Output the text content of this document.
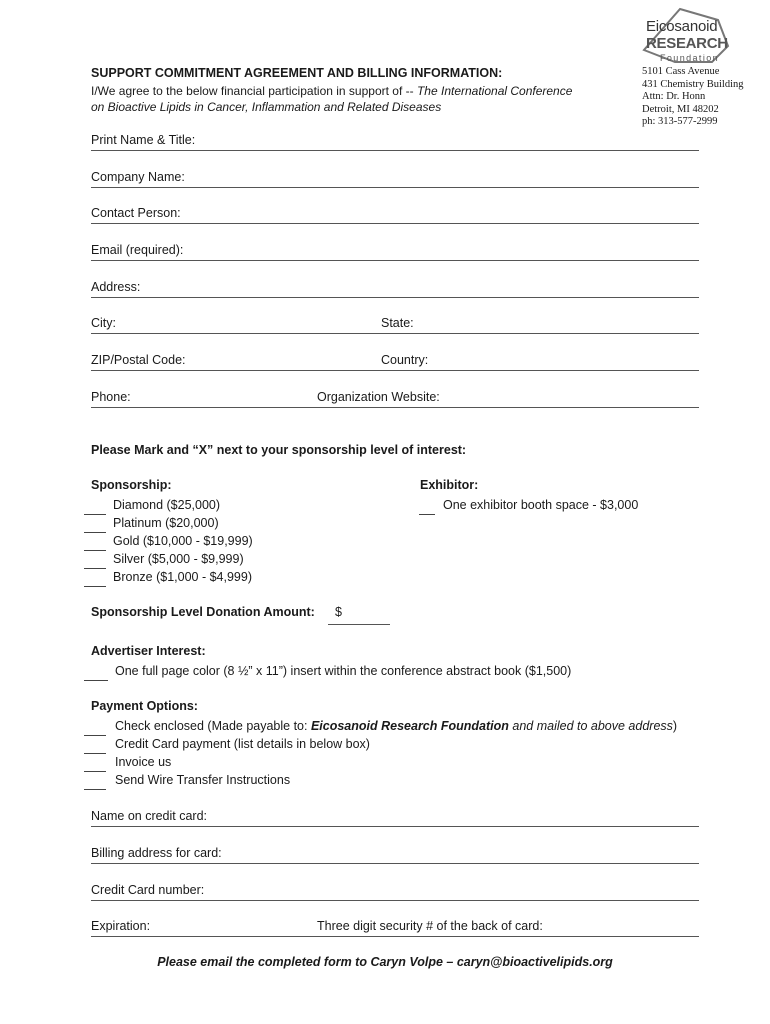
Eicosanoid
RESEARCH
Foundation
5101 Cass Avenue
431 Chemistry Building
Attn: Dr. Honn
Detroit, MI 48202
ph: 313-577-2999
SUPPORT COMMITMENT AGREEMENT AND BILLING INFORMATION:
I/We agree to the below financial participation in support of -- The International Conference
on Bioactive Lipids in Cancer, Inflammation and Related Diseases
Print Name & Title:
Company Name:
Contact Person:
Email (required):
Address:
City:	State:
ZIP/Postal Code:	Country:
Phone:	Organization Website:
Please Mark and “X” next to your sponsorship level of interest:
Sponsorship:	Exhibitor:
Diamond ($25,000)
Platinum ($20,000)
Gold ($10,000 - $19,999)
Silver ($5,000 - $9,999)
Bronze ($1,000 - $4,999)
One exhibitor booth space - $3,000
Sponsorship Level Donation Amount: $
Advertiser Interest:
One full page color (8 ½” x 11”) insert within the conference abstract book ($1,500)
Payment Options:
Check enclosed (Made payable to: Eicosanoid Research Foundation and mailed to above address)
Credit Card payment (list details in below box)
Invoice us
Send Wire Transfer Instructions
Name on credit card:
Billing address for card:
Credit Card number:
Expiration:	Three digit security # of the back of card:
Please email the completed form to Caryn Volpe – caryn@bioactivelipids.org
